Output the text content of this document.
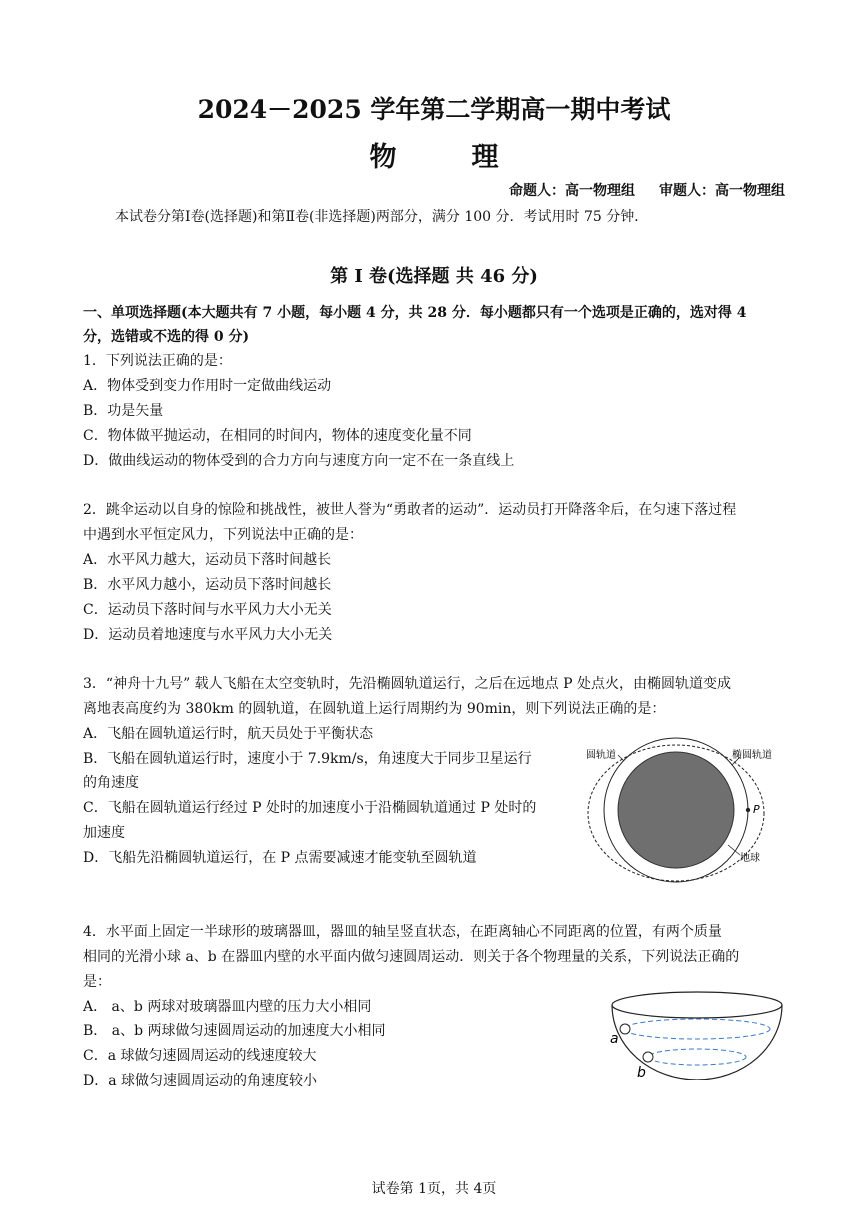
2024－2025 学年第二学期高一期中考试
物	理
命题人：高一物理组 审题人：高一物理组
本试卷分第Ⅰ卷(选择题)和第Ⅱ卷(非选择题)两部分，满分 100 分．考试用时 75 分钟．
第 Ⅰ 卷(选择题 共 46 分)
一、单项选择题(本大题共有 7 小题，每小题 4 分，共 28 分．每小题都只有一个选项是正确的，选对得 4
分，选错或不选的得 0 分)
1．下列说法正确的是：
A．物体受到变力作用时一定做曲线运动
B．功是矢量
C．物体做平抛运动，在相同的时间内，物体的速度变化量不同
D．做曲线运动的物体受到的合力方向与速度方向一定不在一条直线上
2．跳伞运动以自身的惊险和挑战性，被世人誉为“勇敢者的运动”．运动员打开降落伞后，在匀速下落过程
中遇到水平恒定风力，下列说法中正确的是：
A．水平风力越大，运动员下落时间越长
B．水平风力越小，运动员下落时间越长
C．运动员下落时间与水平风力大小无关
D．运动员着地速度与水平风力大小无关
3．“神舟十九号” 载人飞船在太空变轨时，先沿椭圆轨道运行，之后在远地点 P 处点火，由椭圆轨道变成
离地表高度约为 380km 的圆轨道，在圆轨道上运行周期约为 90min，则下列说法正确的是：
A．飞船在圆轨道运行时，航天员处于平衡状态
B．飞船在圆轨道运行时，速度小于 7.9km/s，角速度大于同步卫星运行
的角速度
C．飞船在圆轨道运行经过 P 处时的加速度小于沿椭圆轨道通过 P 处时的
加速度
D．飞船先沿椭圆轨道运行，在 P 点需要减速才能变轨至圆轨道
圆轨道	椭圆轨道
P
地球
4．水平面上固定一半球形的玻璃器皿，器皿的轴呈竖直状态，在距离轴心不同距离的位置，有两个质量
相同的光滑小球 a、b 在器皿内壁的水平面内做匀速圆周运动．则关于各个物理量的关系，下列说法正确的
是：
A． a、b 两球对玻璃器皿内壁的压力大小相同
B． a、b 两球做匀速圆周运动的加速度大小相同
C．a 球做匀速圆周运动的线速度较大
D．a 球做匀速圆周运动的角速度较小
a
b
试卷第 1页，共 4页
